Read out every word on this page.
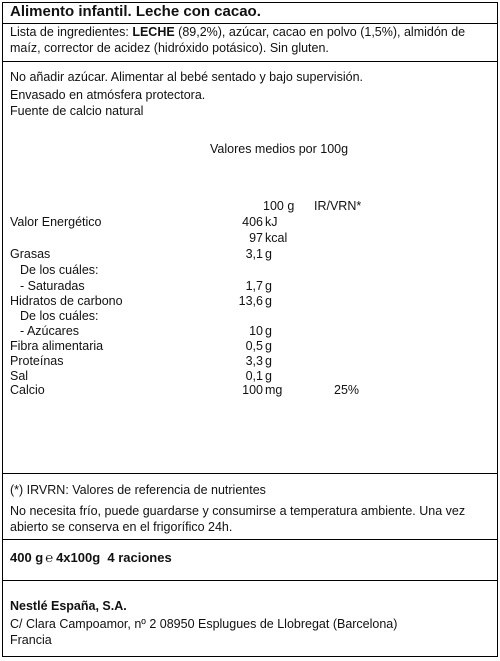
Alimento infantil. Leche con cacao.
Lista de ingredientes: LECHE (89,2%), azúcar, cacao en polvo (1,5%), almidón de maíz, corrector de acidez (hidróxido potásico). Sin gluten.
No añadir azúcar. Alimentar al bebé sentado y bajo supervisión.
Envasado en atmósfera protectora.
Fuente de calcio natural
Valores medios por 100g
100 g IR/VRN*
Valor Energético	406 kJ
97 kcal
Grasas	3,1 g
De los cuáles:
- Saturadas	1,7 g
Hidratos de carbono	13,6 g
De los cuáles:
- Azúcares	10 g
Fibra alimentaria	0,5 g
Proteínas	3,3 g
Sal	0,1 g
Calcio	100 mg	25%
(*) IRVRN: Valores de referencia de nutrientes
No necesita frío, puede guardarse y consumirse a temperatura ambiente. Una vez abierto se conserva en el frigorífico 24h.
400 g ℮ 4x100g 4 raciones
Nestlé España, S.A.
C/ Clara Campoamor, nº 2 08950 Esplugues de Llobregat (Barcelona)
Francia
